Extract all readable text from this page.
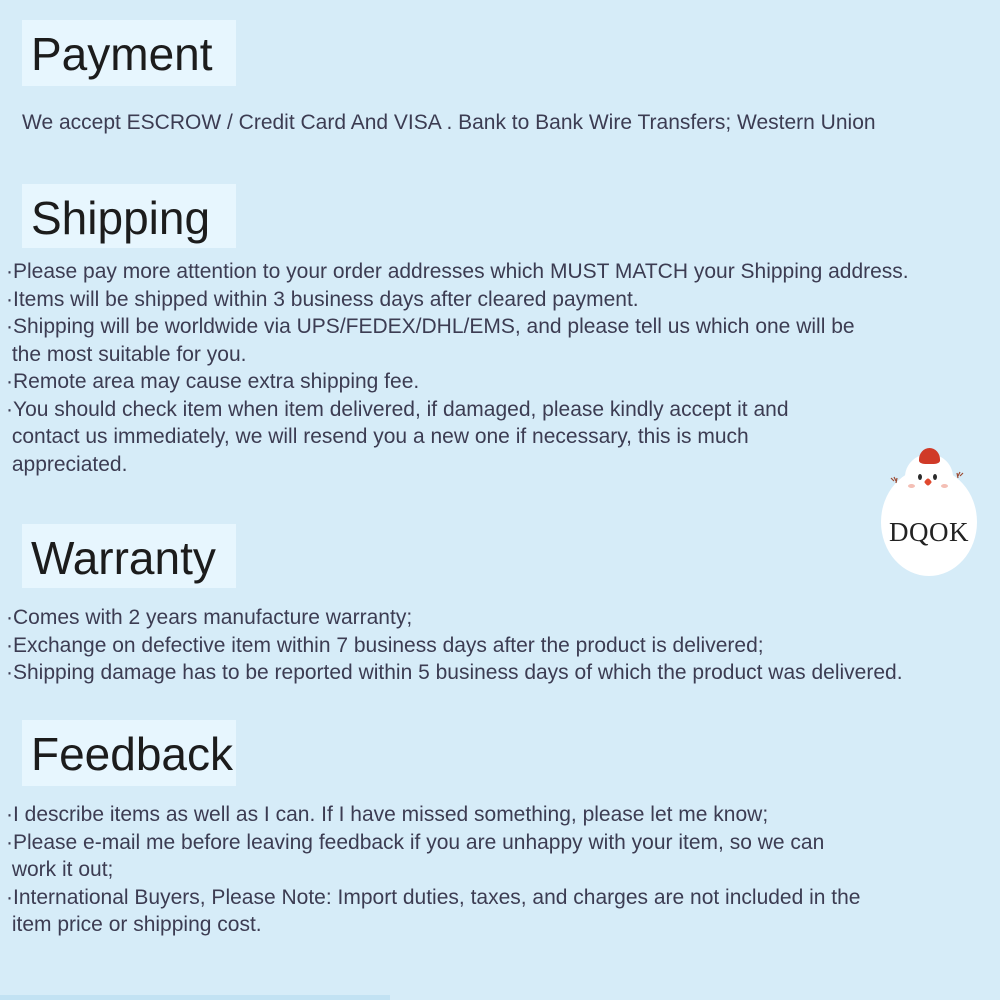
Payment
We accept ESCROW / Credit Card And VISA . Bank to Bank Wire Transfers; Western Union
Shipping
·Please pay more attention to your order addresses which MUST MATCH your Shipping address.
·Items will be shipped within 3 business days after cleared payment.
·Shipping will be worldwide via UPS/FEDEX/DHL/EMS, and please tell us which one will be
the most suitable for you.
·Remote area may cause extra shipping fee.
·You should check item when item delivered, if damaged, please kindly accept it and
contact us immediately, we will resend you a new one if necessary, this is much
appreciated.
DQOK
Warranty
·Comes with 2 years manufacture warranty;
·Exchange on defective item within 7 business days after the product is delivered;
·Shipping damage has to be reported within 5 business days of which the product was delivered.
Feedback
·I describe items as well as I can. If I have missed something, please let me know;
·Please e-mail me before leaving feedback if you are unhappy with your item, so we can
work it out;
·International Buyers, Please Note: Import duties, taxes, and charges are not included in the
item price or shipping cost.
